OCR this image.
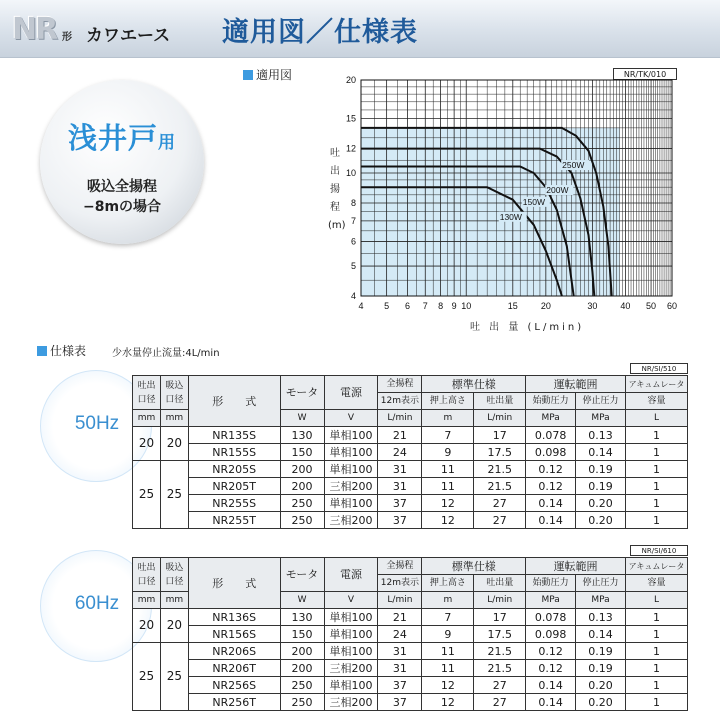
NR 形 カワエース 適用図／仕様表
浅井戸用
吸込全揚程
−8mの場合
適用図	NR/TK/010
吐
出
揚
程
(m)
4
5
6
7
8
10
12
15
20
4 5 6 7 8 9 10	15	20	30	40 50 60
130W
150W
200W
250W
吐 出 量 (L/min)
仕様表	少水量停止流量:4L/min
50Hz
NR/SI/510
吐出口径	吸込口径	形　　式	モータ	電源	全揚程	標準仕様		運転範囲		アキュムレータ
					12m表示	押上高さ	吐出量	始動圧力	停止圧力	容量
mm	mm		W	V	L/min	m	L/min	MPa	MPa	L
20	20	NR135S	130	単相100	21	7	17	0.078	0.13	1
		NR155S	150	単相100	24	9	17.5	0.098	0.14	1
25	25	NR205S	200	単相100	31	11	21.5	0.12	0.19	1
		NR205T	200	三相200	31	11	21.5	0.12	0.19	1
		NR255S	250	単相100	37	12	27	0.14	0.20	1
		NR255T	250	三相200	37	12	27	0.14	0.20	1
60Hz
NR/SI/610
吐出口径	吸込口径	形　　式	モータ	電源	全揚程	標準仕様		運転範囲		アキュムレータ
					12m表示	押上高さ	吐出量	始動圧力	停止圧力	容量
mm	mm		W	V	L/min	m	L/min	MPa	MPa	L
20	20	NR136S	130	単相100	21	7	17	0.078	0.13	1
		NR156S	150	単相100	24	9	17.5	0.098	0.14	1
25	25	NR206S	200	単相100	31	11	21.5	0.12	0.19	1
		NR206T	200	三相200	31	11	21.5	0.12	0.19	1
		NR256S	250	単相100	37	12	27	0.14	0.20	1
		NR256T	250	三相200	37	12	27	0.14	0.20	1
